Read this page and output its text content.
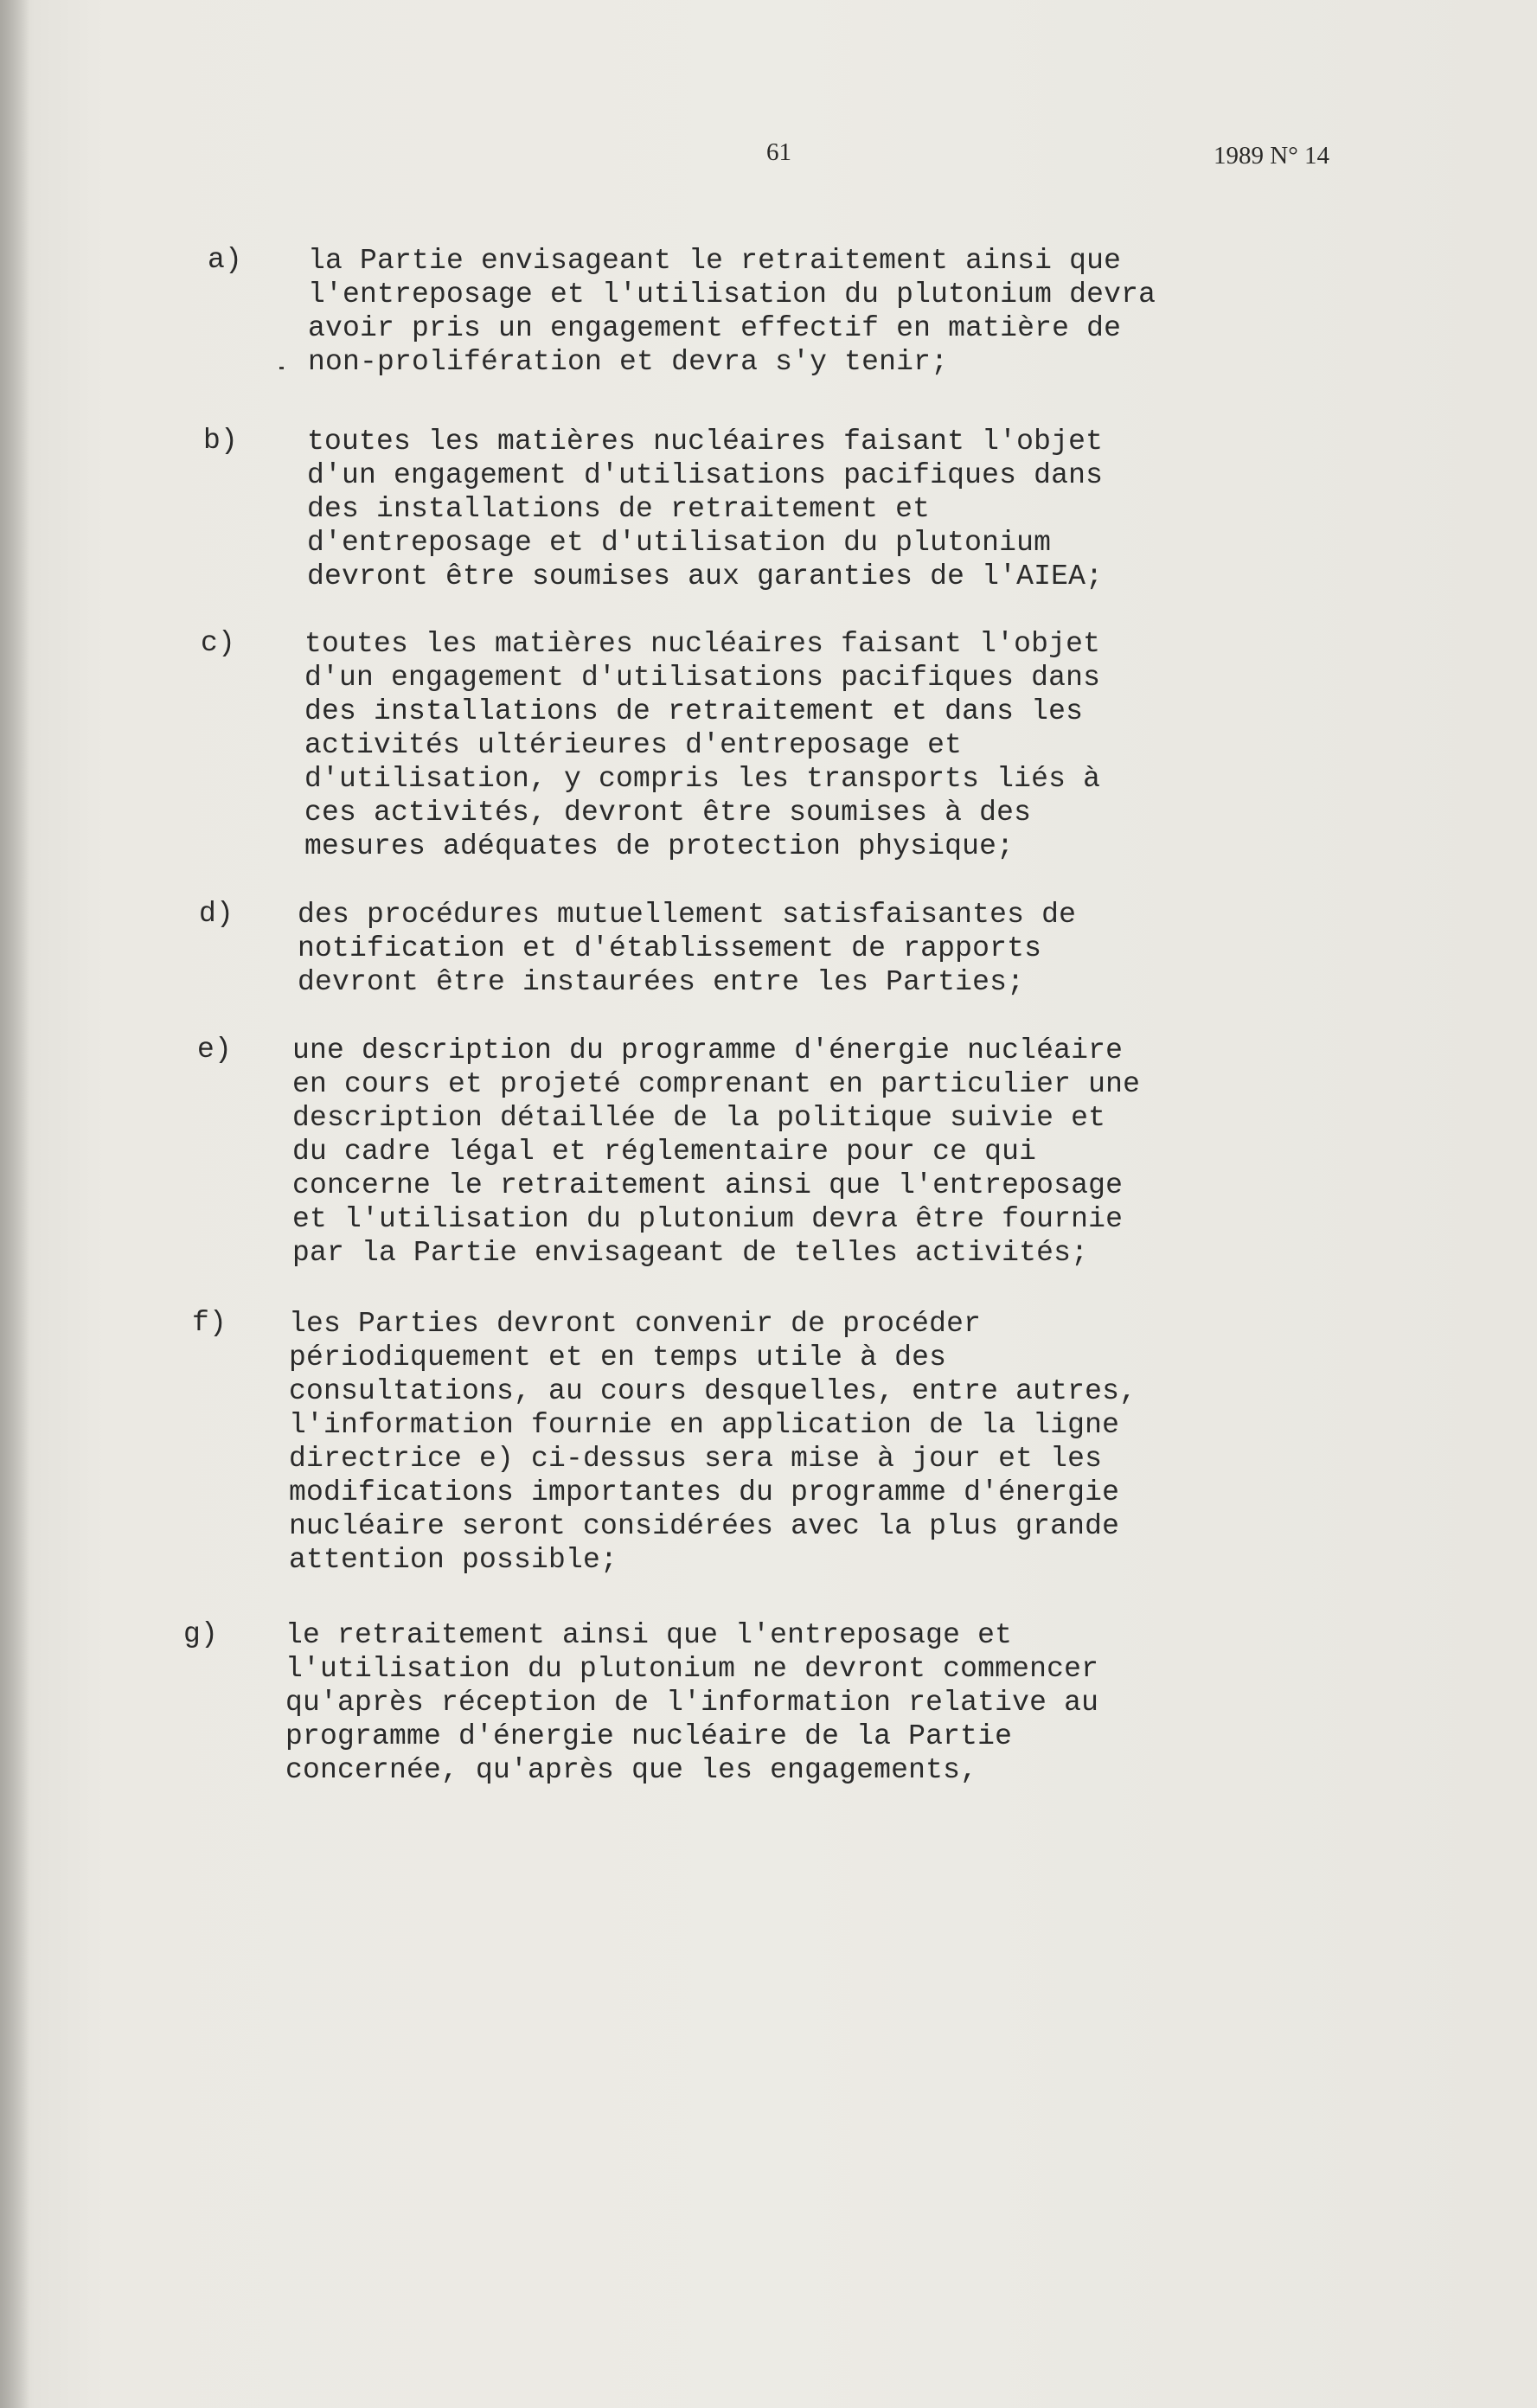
61	1989 N° 14
a) la Partie envisageant le retraitement ainsi que
l'entreposage et l'utilisation du plutonium devra
avoir pris un engagement effectif en matière de
non-prolifération et devra s'y tenir;
b) toutes les matières nucléaires faisant l'objet
d'un engagement d'utilisations pacifiques dans
des installations de retraitement et
d'entreposage et d'utilisation du plutonium
devront être soumises aux garanties de l'AIEA;
c) toutes les matières nucléaires faisant l'objet
d'un engagement d'utilisations pacifiques dans
des installations de retraitement et dans les
activités ultérieures d'entreposage et
d'utilisation, y compris les transports liés à
ces activités, devront être soumises à des
mesures adéquates de protection physique;
d) des procédures mutuellement satisfaisantes de
notification et d'établissement de rapports
devront être instaurées entre les Parties;
e) une description du programme d'énergie nucléaire
en cours et projeté comprenant en particulier une
description détaillée de la politique suivie et
du cadre légal et réglementaire pour ce qui
concerne le retraitement ainsi que l'entreposage
et l'utilisation du plutonium devra être fournie
par la Partie envisageant de telles activités;
f) les Parties devront convenir de procéder
périodiquement et en temps utile à des
consultations, au cours desquelles, entre autres,
l'information fournie en application de la ligne
directrice e) ci-dessus sera mise à jour et les
modifications importantes du programme d'énergie
nucléaire seront considérées avec la plus grande
attention possible;
g) le retraitement ainsi que l'entreposage et
l'utilisation du plutonium ne devront commencer
qu'après réception de l'information relative au
programme d'énergie nucléaire de la Partie
concernée, qu'après que les engagements,
